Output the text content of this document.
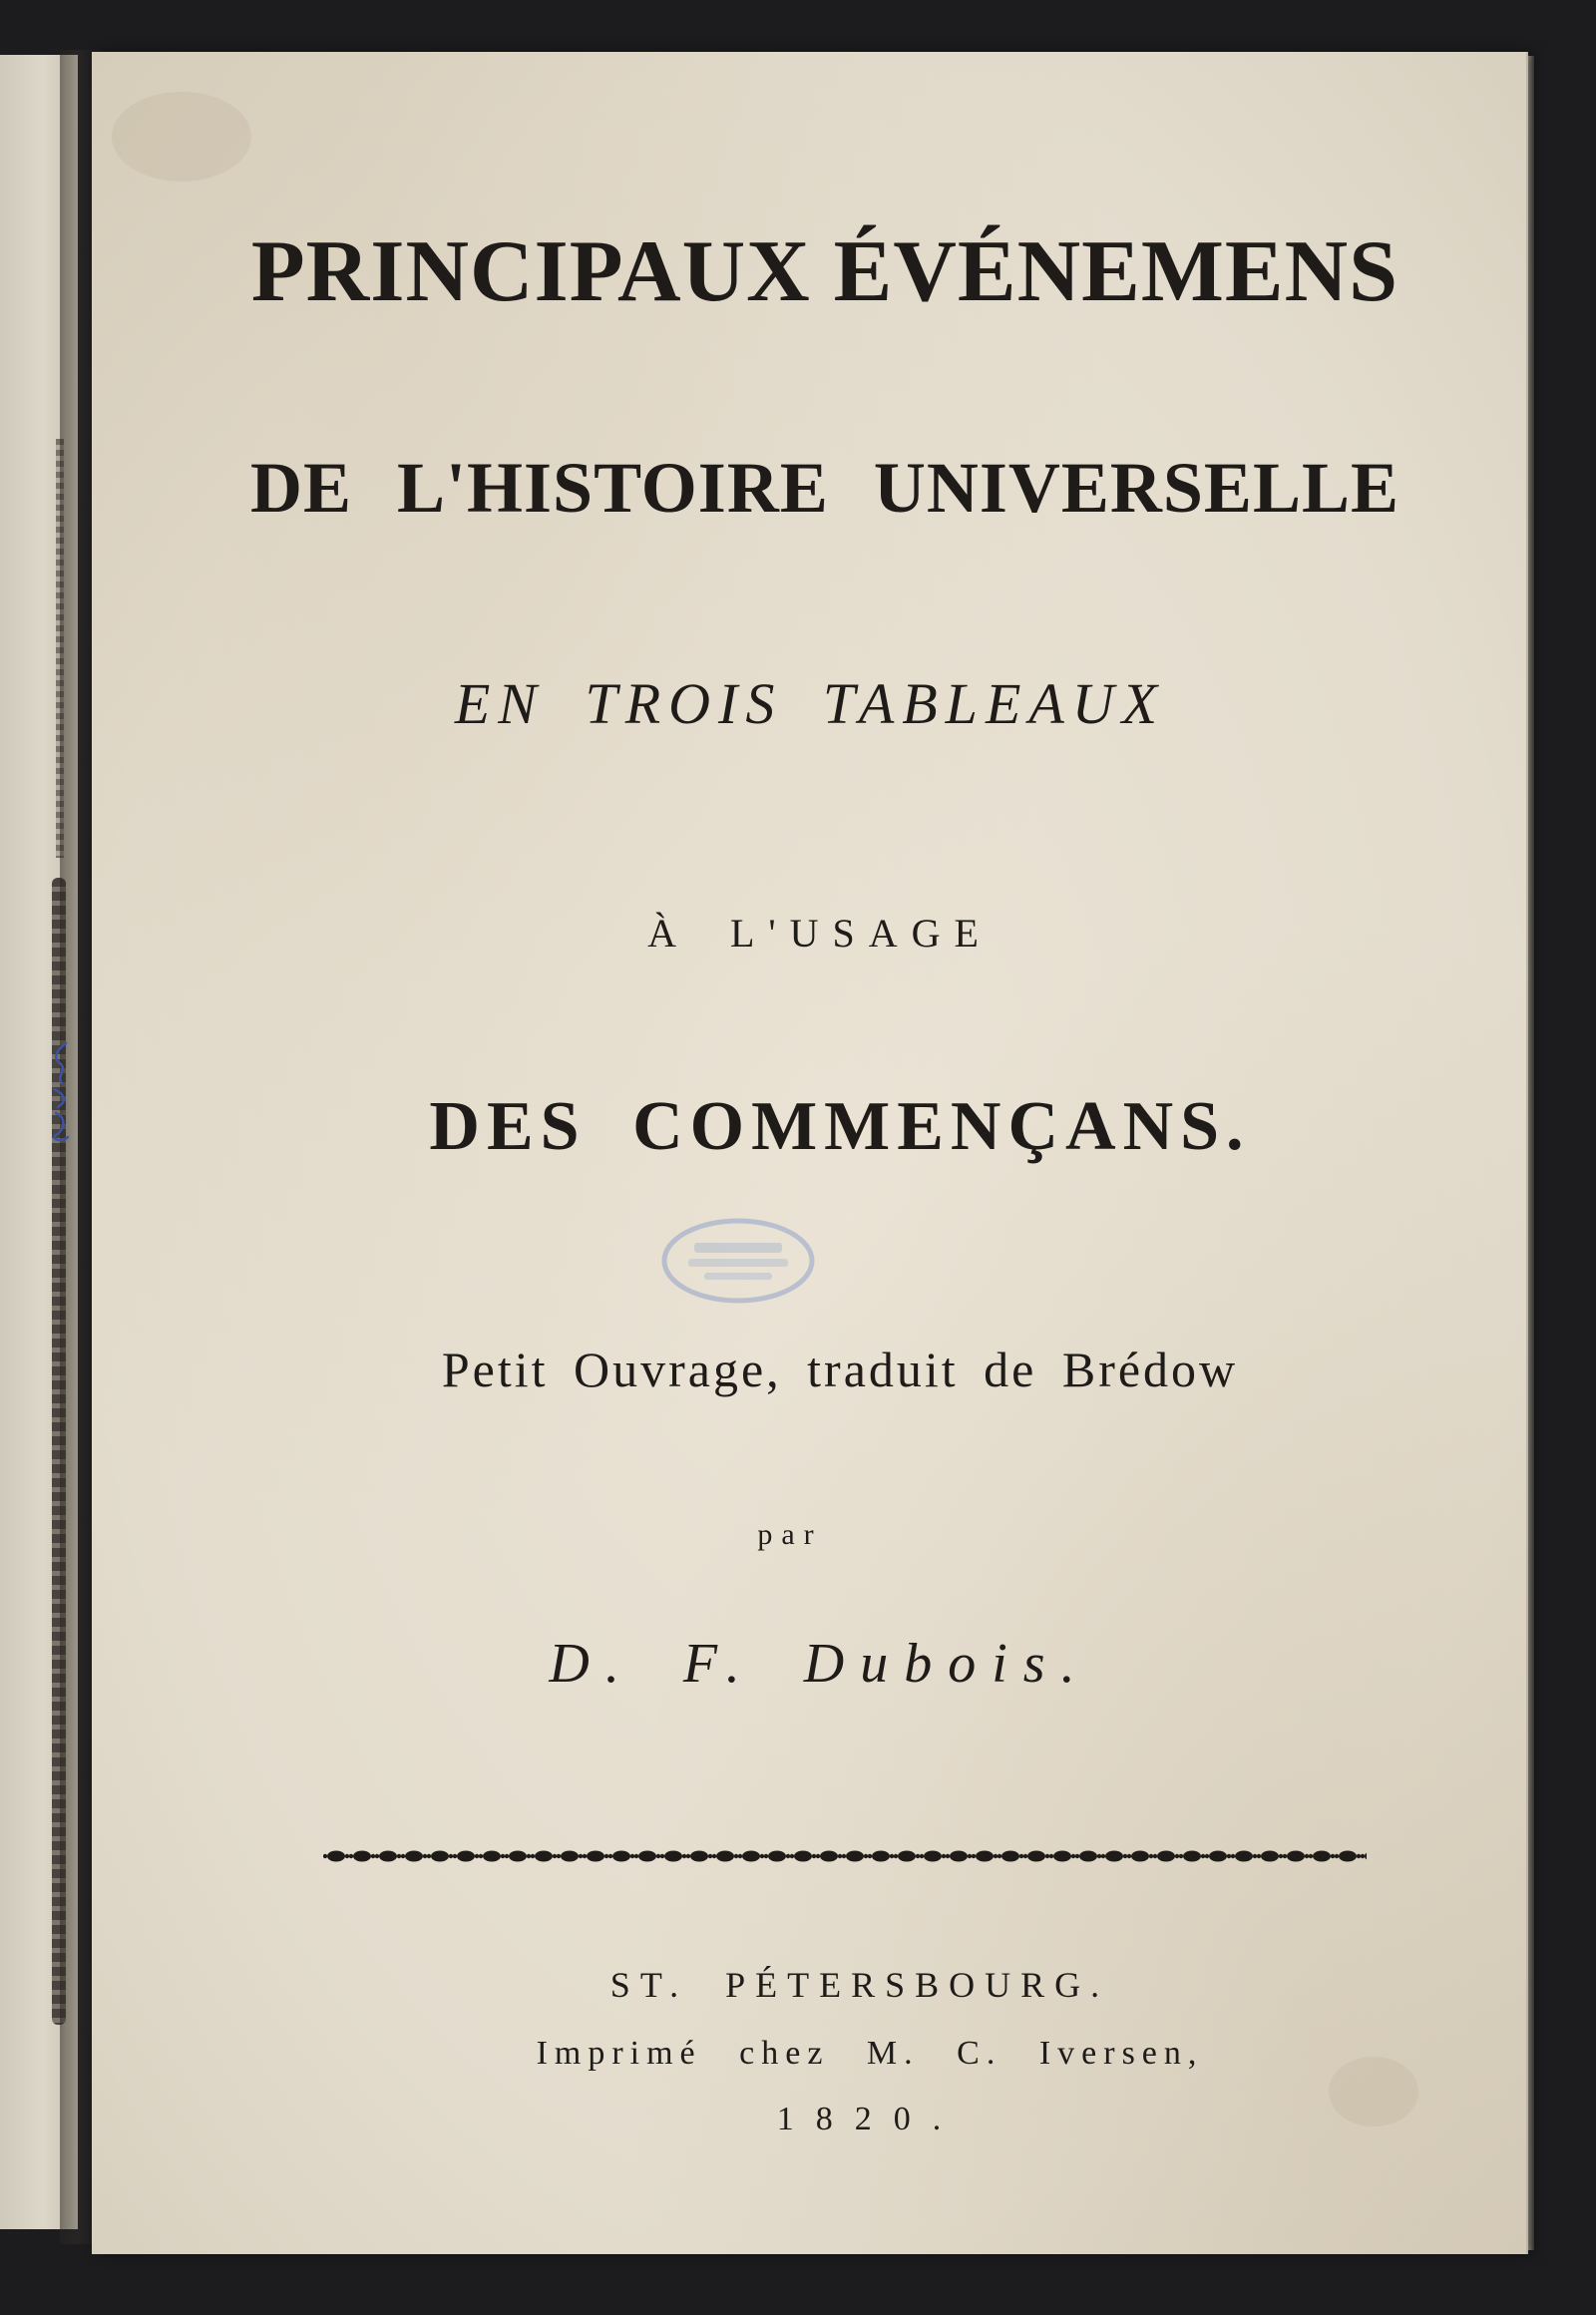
PRINCIPAUX ÉVÉNEMENS
DE L'HISTOIRE UNIVERSELLE
EN TROIS TABLEAUX
À L'USAGE
DES COMMENÇANS.
Petit Ouvrage, traduit de Brédow
par
D. F. Dubois.
ST. PÉTERSBOURG.
Imprimé chez M. C. Iversen,
1820.
